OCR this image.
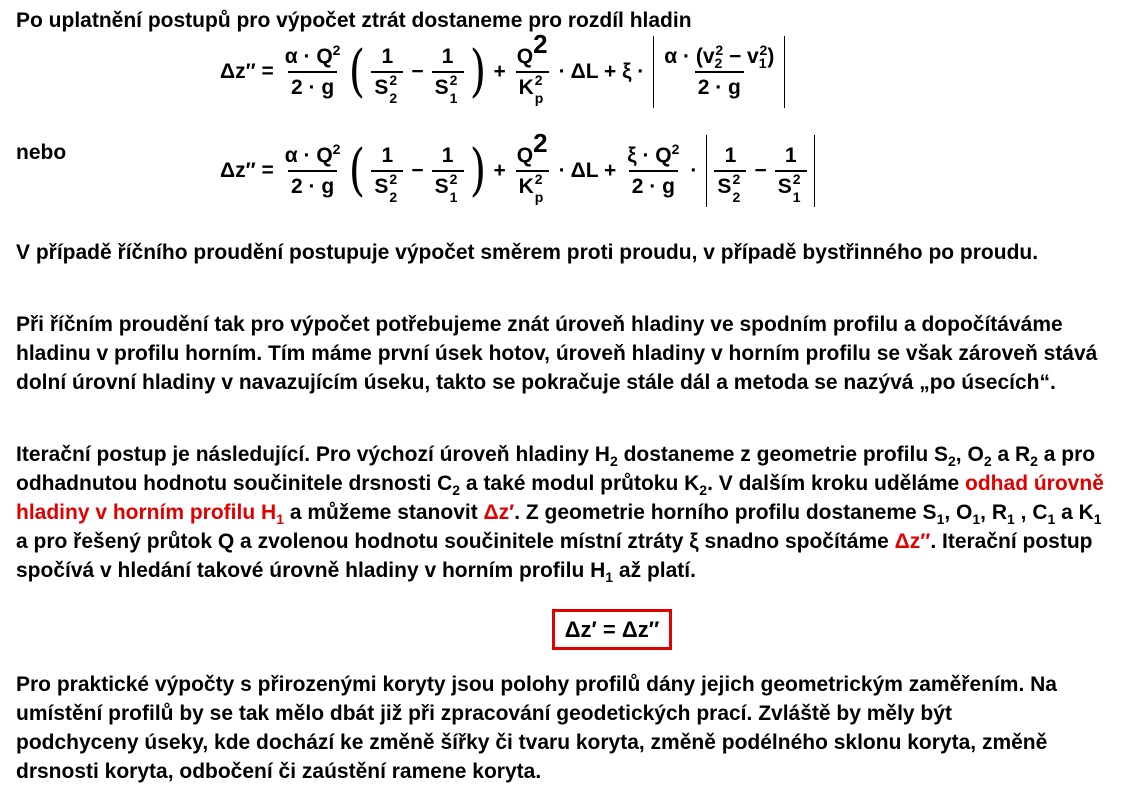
Po uplatnění postupů pro výpočet ztrát dostaneme pro rozdíl hladin
$\Delta z'' = \frac{\alpha \cdot Q^2}{2 \cdot g}$ ( 1
S 2
2 − 1
S 2
1 ) + Q2
K 2
$p \cdot \Delta L + \xi \cdot \frac{\alpha \cdot (v_2^2 - v_1^2)}{2 \cdot g}$
nebo
$\Delta z'' = \frac{\alpha \cdot Q^2}{2 \cdot g}$ ( 1
S 2
2 − 1
S 2
1 ) + Q2
K 2
$p \cdot \Delta L + \frac{\xi \cdot Q^2}{2 \cdot g} \cdot 1$
S 2
2 − 1
S 2
1
V případě říčního proudění postupuje výpočet směrem proti proudu, v případě bystřinného po proudu.
Při říčním proudění tak pro výpočet potřebujeme znát úroveň hladiny ve spodním profilu a dopočítáváme hladinu v profilu horním. Tím máme první úsek hotov, úroveň hladiny v horním profilu se však zároveň stává dolní úrovní hladiny v navazujícím úseku, takto se pokračuje stále dál a metoda se nazývá „po úsecích“.
Iterační postup je následující. Pro výchozí úroveň hladiny $H_2$ dostaneme z geometrie profilu $S_2$, $O_2$ a $R_2$ a pro odhadnutou hodnotu součinitele drsnosti $C_2$ a také modul průtoku $K_2$. V dalším kroku uděláme odhad úrovně hladiny v horním profilu $H_1$ a můžeme stanovit Δz′. Z geometrie horního profilu dostaneme $S_1$, $O_1$, $R_1$ , $C_1$ a $K_1$ a pro řešený průtok Q a zvolenou hodnotu součinitele místní ztráty ξ snadno spočítáme Δz″. Iterační postup spočívá v hledání takové úrovně hladiny v horním profilu $H_1$ až platí.
Δz′ = Δz″
Pro praktické výpočty s přirozenými koryty jsou polohy profilů dány jejich geometrickým zaměřením. Na umístění profilů by se tak mělo dbát již při zpracování geodetických prací. Zvláště by měly být podchyceny úseky, kde dochází ke změně šířky či tvaru koryta, změně podélného sklonu koryta, změně drsnosti koryta, odbočení či zaústění ramene koryta.
